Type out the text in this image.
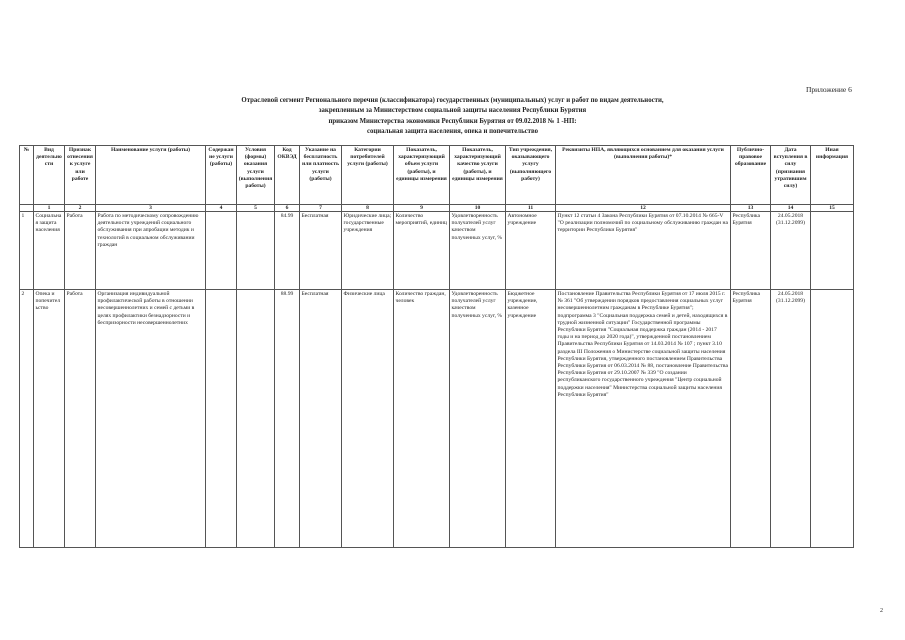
Приложение 6
Отраслевой сегмент Регионального перечня (классификатора) государственных (муниципальных) услуг и работ по видам деятельности,
закрепленным за Министерством социальной защиты населения Республики Бурятия
приказом Министерства экономики Республики Бурятия от 09.02.2018 № 1 -НП:
социальная защита населения, опека и попечительство
№	Вид деятельности	Признак отнесения к услуге или работе	Наименование услуги (работы)	Содержание услуги (работы)	Условия (формы) оказания услуги (выполнения работы)	Код ОКВЭД	Указание на бесплатность или платность услуги (работы)	Категории потребителей услуги (работы)	Показатель, характеризующий объем услуги (работы), и единицы измерения	Показатель, характеризующий качество услуги (работы), и единицы измерения	Тип учреждения, оказывающего услугу (выполняющего работу)	Реквизиты НПА, являющихся основанием для оказания услуги (выполнения работы)*	Публично-правовое образование	Дата вступления в силу (признания утратившим силу)	Иная информация
	1	2	3	4	5	6	7	8	9	10	11	12	13	14	15
1	Социальная защита населения	Работа	Работа по методическому сопровождению деятельности учреждений социального обслуживания при апробации методик и технологий в социальном обслуживании граждан			84.99	Бесплатная	Юридические лица; государственные учреждения	Количество мероприятий, единиц	Удовлетворенность получателей услуг качеством полученных услуг, %	Автономное учреждение	Пункт 12 статьи 4 Закона Республики Бурятия от 07.10.2014 № 665-V "О реализации полномочий по социальному обслуживанию граждан на территории Республики Бурятия"	Республика Бурятия	24.05.2018 (31.12.2099)	
2	Опека и попечительство	Работа	Организация индивидуальной профилактической работы в отношении несовершеннолетних и семей с детьми в целях профилактики безнадзорности и беспризорности несовершеннолетних			88.99	Бесплатная	Физические лица	Количество граждан, человек	Удовлетворенность получателей услуг качеством полученных услуг, %	Бюджетное учреждение, казенное учреждение	Постановление Правительства Республики Бурятия от 17 июля 2015 г. № 361 "Об утверждении порядков предоставления социальных услуг несовершеннолетним гражданам в Республике Бурятия"; подпрограмма 3 "Социальная поддержка семей и детей, находящихся в трудной жизненной ситуации" Государственной программы Республики Бурятия "Социальная поддержка граждан (2014 - 2017 годы и на период до 2020 года)", утвержденной постановлением Правительства Республики Бурятия от 14.03.2014 № 107 ; пункт 3.10 раздела III Положения о Министерстве социальной защиты населения Республики Бурятия, утвержденного постановлением Правительства Республики Бурятия от 06.03.2014 № 88, постановление Правительства Республики Бурятия от 29.10.2007 № 339 "О создании республиканского государственного учреждения "Центр социальной поддержки населения" Министерства социальной защиты населения Республики Бурятия"	Республика Бурятия	24.05.2018 (31.12.2099)	
2
